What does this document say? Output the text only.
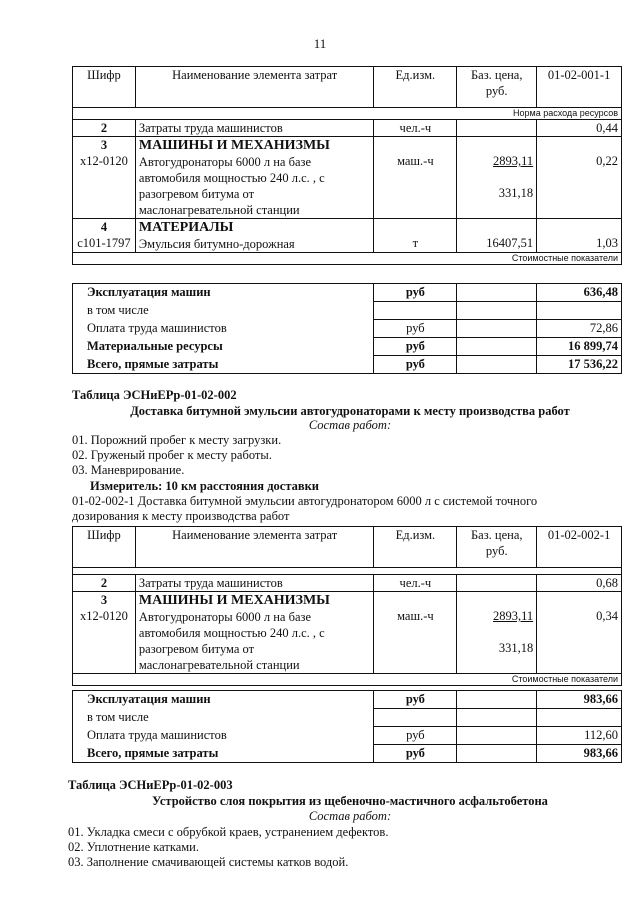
11
Шифр	Наименование элемента затрат	Ед.изм.	Баз. цена,
руб.	01-02-001-1
Норма расхода ресурсов				
2	Затраты труда машинистов	чел.-ч		0,44
3
х12-0120	МАШИНЫ И МЕХАНИЗМЫ
Автогудронаторы 6000 л на базе
автомобиля мощностью 240 л.с. , с
разогревом битума от
маслонагревательной станции	маш.-ч	2893,11

331,18	0,22
4
с101-1797	МАТЕРИАЛЫ
Эмульсия битумно-дорожная	т	16407,51	1,03
Стоимостные показатели				
Эксплуатация машин	руб		636,48
в том числе			
Оплата труда машинистов	руб		72,86
Материальные ресурсы	руб		16 899,74
Всего, прямые затраты	руб		17 536,22
Таблица ЭСНиЕРр-01-02-002
Доставка битумной эмульсии автогудронаторами к месту производства работ
Состав работ:
01. Порожний пробег к месту загрузки.
02. Груженый пробег к месту работы.
03. Маневрирование.
Измеритель: 10 км расстояния доставки
01-02-002-1 Доставка битумной эмульсии автогудронатором 6000 л с системой точного
дозирования к месту производства работ
Шифр	Наименование элемента затрат	Ед.изм.	Баз. цена,
руб.	01-02-002-1

2	Затраты труда машинистов	чел.-ч		0,68
3
х12-0120	МАШИНЫ И МЕХАНИЗМЫ
Автогудронаторы 6000 л на базе
автомобиля мощностью 240 л.с. , с
разогревом битума от
маслонагревательной станции	маш.-ч	2893,11

331,18	0,34
Стоимостные показатели				
Эксплуатация машин	руб		983,66
в том числе			
Оплата труда машинистов	руб		112,60
Всего, прямые затраты	руб		983,66
Таблица ЭСНиЕРр-01-02-003
Устройство слоя покрытия из щебеночно-мастичного асфальтобетона
Состав работ:
01. Укладка смеси с обрубкой краев, устранением дефектов.
02. Уплотнение катками.
03. Заполнение смачивающей системы катков водой.
